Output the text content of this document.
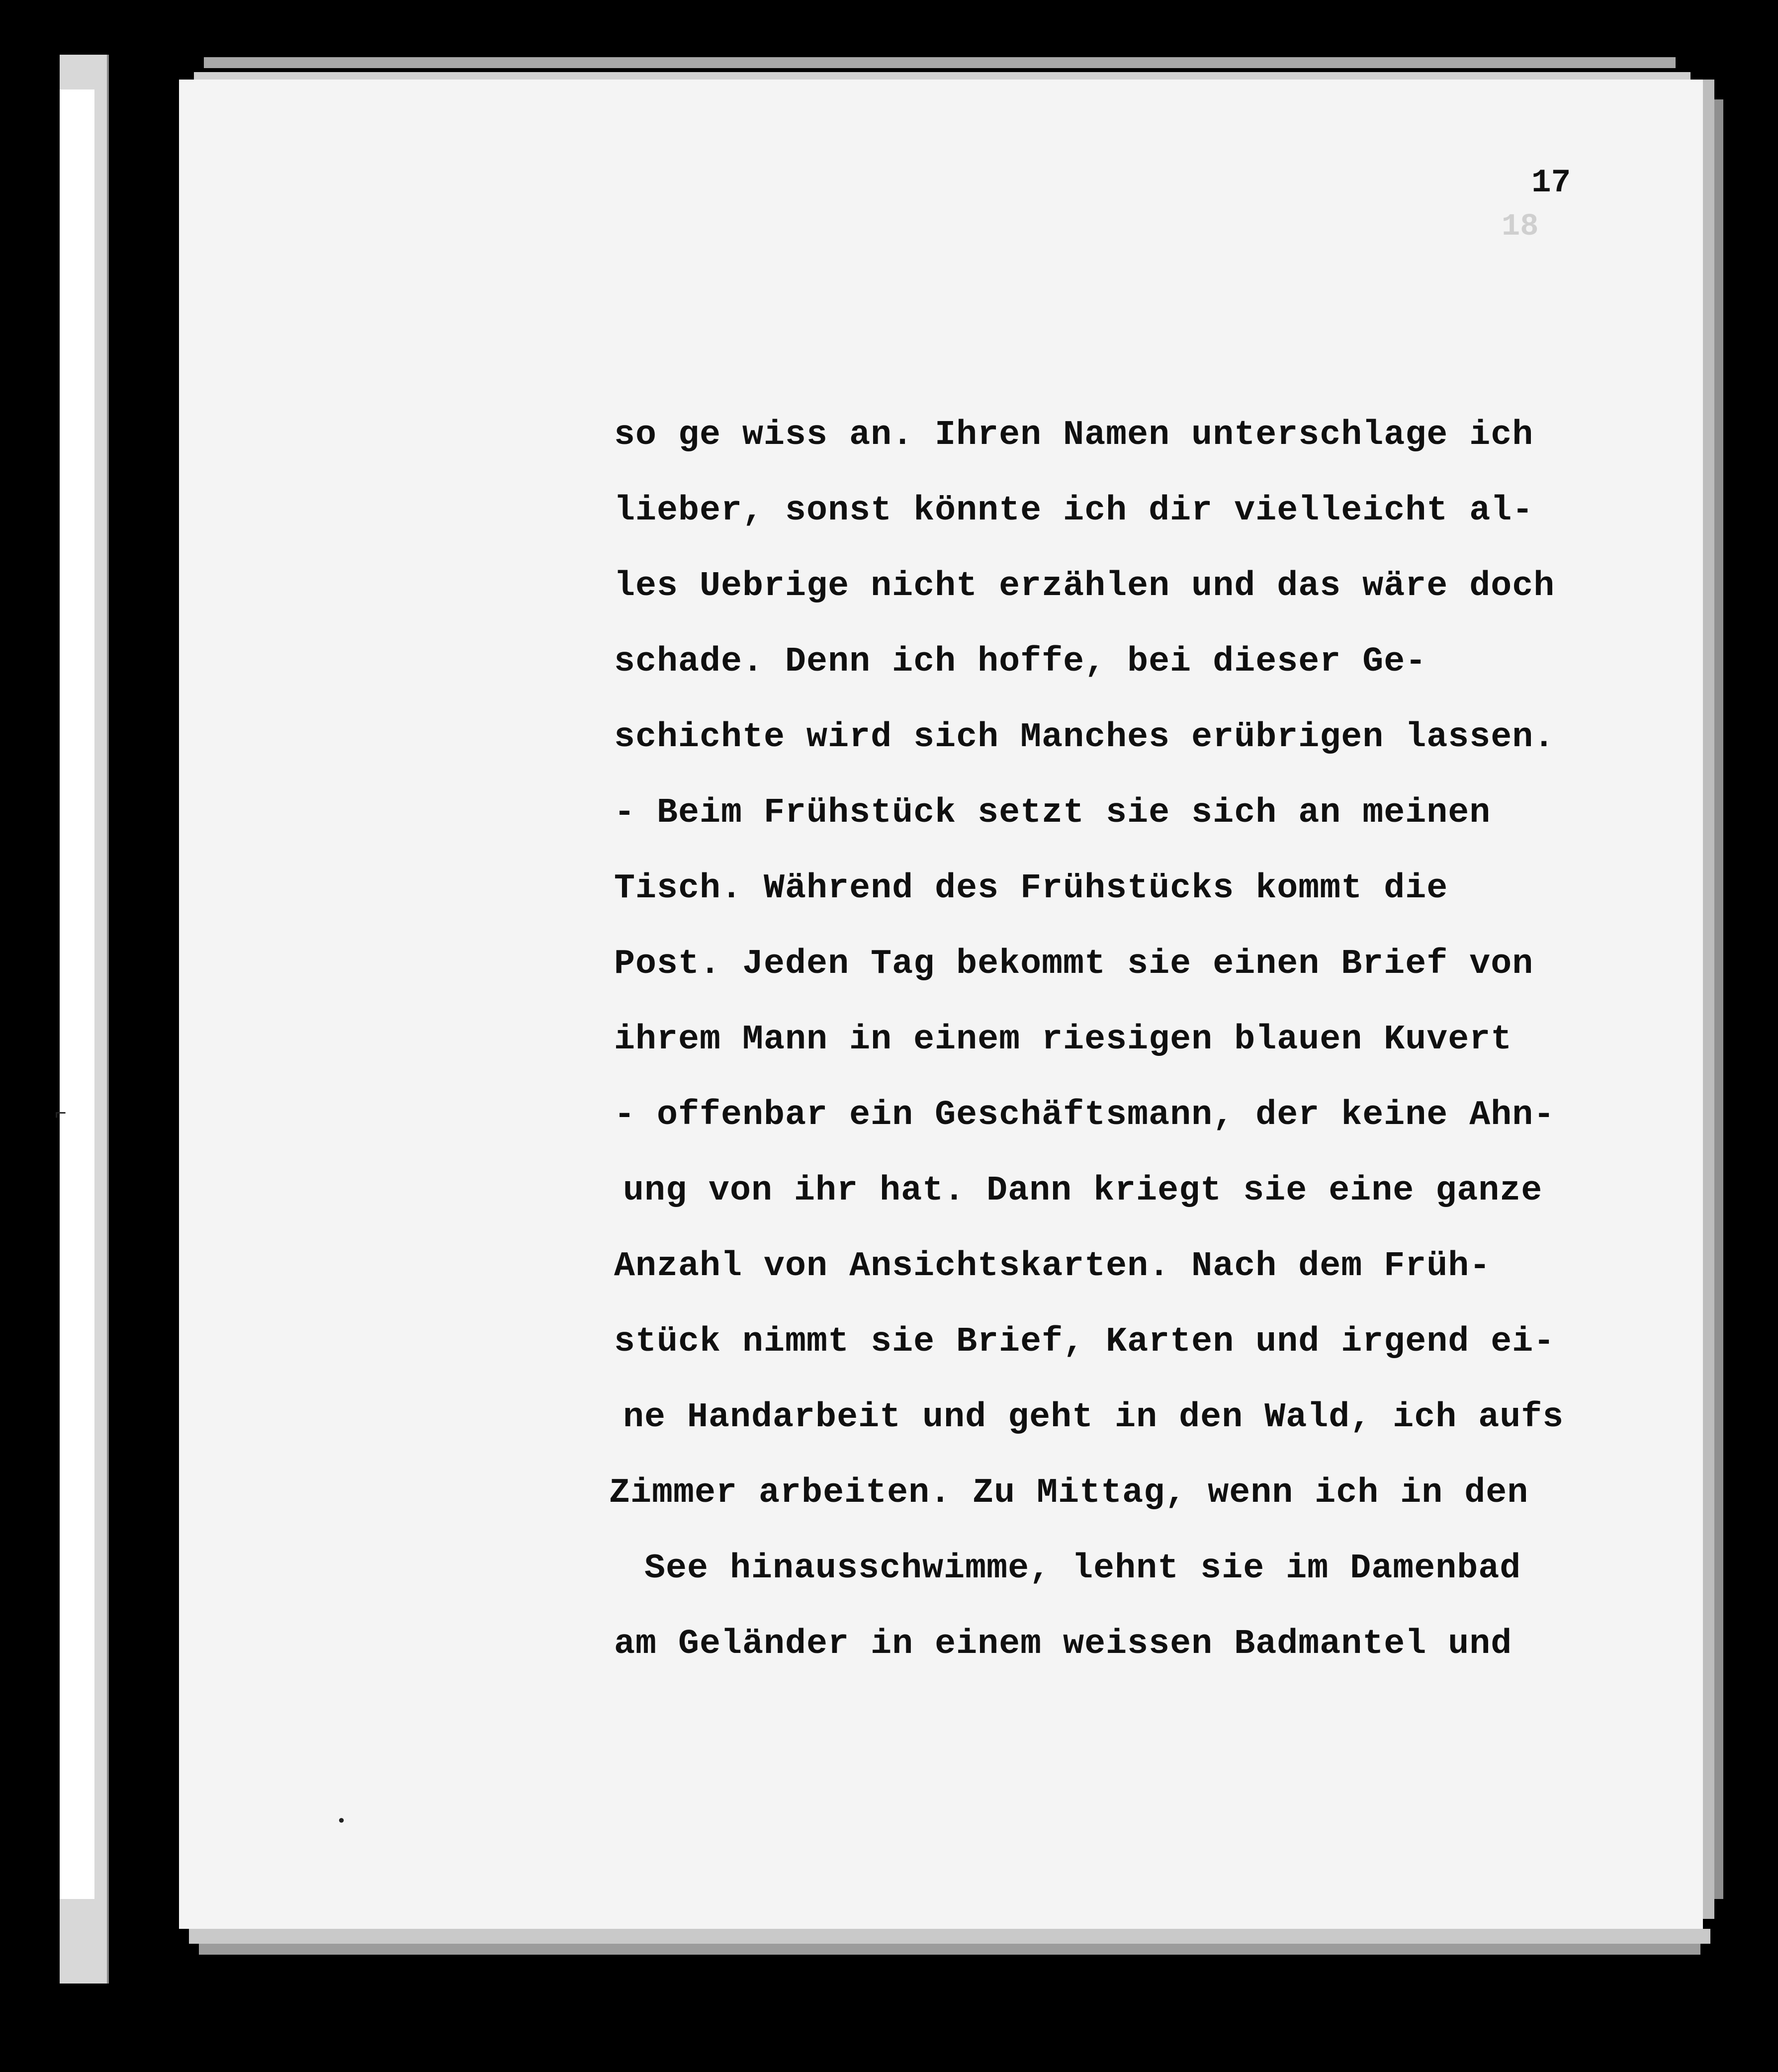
17
18
so ge wiss an. Ihren Namen unterschlage ich
lieber, sonst könnte ich dir vielleicht al-
les Uebrige nicht erzählen und das wäre doch
schade. Denn ich hoffe, bei dieser Ge-
schichte wird sich Manches erübrigen lassen.
- Beim Frühstück setzt sie sich an meinen
Tisch. Während des Frühstücks kommt die
Post. Jeden Tag bekommt sie einen Brief von
ihrem Mann in einem riesigen blauen Kuvert
- offenbar ein Geschäftsmann, der keine Ahn-
ung von ihr hat. Dann kriegt sie eine ganze
Anzahl von Ansichtskarten. Nach dem Früh-
stück nimmt sie Brief, Karten und irgend ei-
ne Handarbeit und geht in den Wald, ich aufs
Zimmer arbeiten. Zu Mittag, wenn ich in den
See hinausschwimme, lehnt sie im Damenbad
am Geländer in einem weissen Badmantel und
⌐
●
